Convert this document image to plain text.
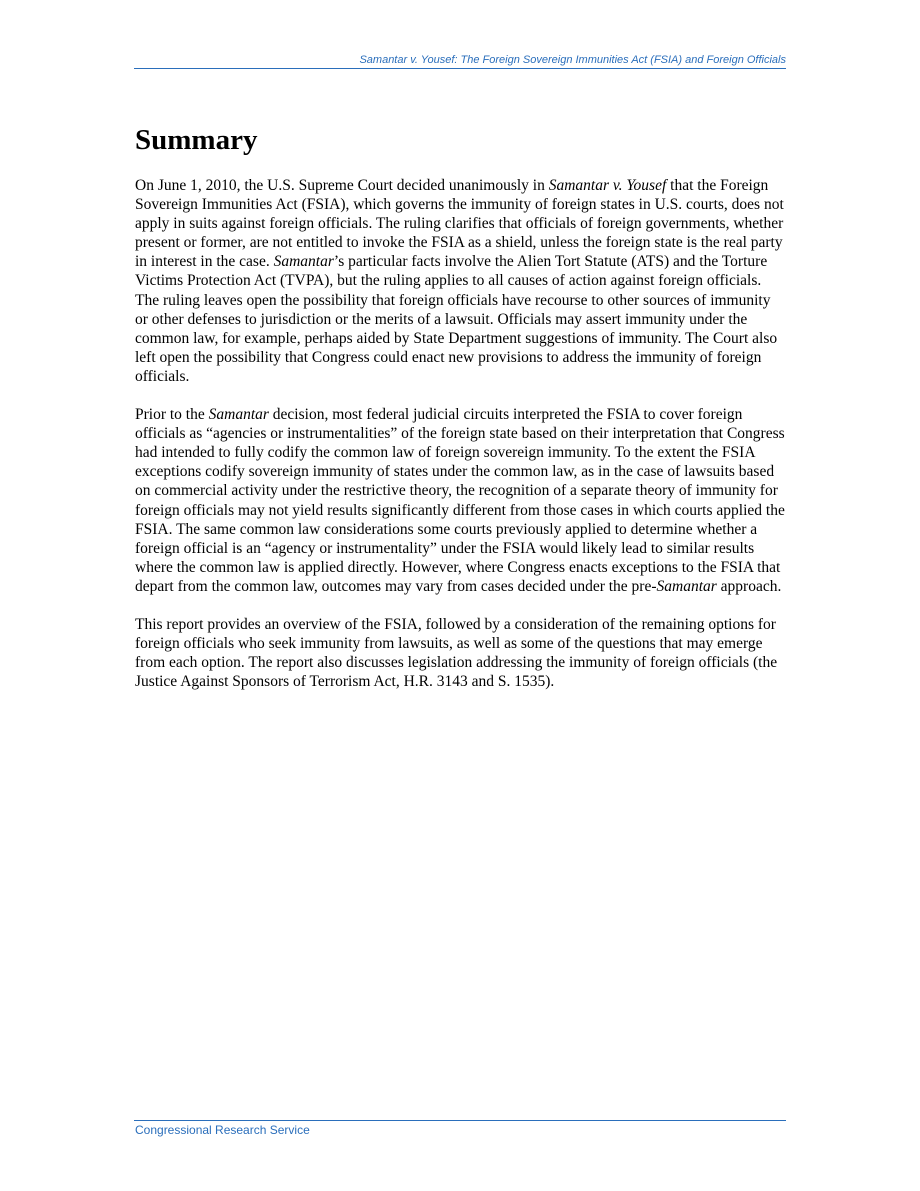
Samantar v. Yousef: The Foreign Sovereign Immunities Act (FSIA) and Foreign Officials
Summary

On June 1, 2010, the U.S. Supreme Court decided unanimously in Samantar v. Yousef that the Foreign Sovereign Immunities Act (FSIA), which governs the immunity of foreign states in U.S. courts, does not apply in suits against foreign officials. The ruling clarifies that officials of foreign governments, whether present or former, are not entitled to invoke the FSIA as a shield, unless the foreign state is the real party in interest in the case. Samantar’s particular facts involve the Alien Tort Statute (ATS) and the Torture Victims Protection Act (TVPA), but the ruling applies to all causes of action against foreign officials. The ruling leaves open the possibility that foreign officials have recourse to other sources of immunity or other defenses to jurisdiction or the merits of a lawsuit. Officials may assert immunity under the common law, for example, perhaps aided by State Department suggestions of immunity. The Court also left open the possibility that Congress could enact new provisions to address the immunity of foreign officials.

Prior to the Samantar decision, most federal judicial circuits interpreted the FSIA to cover foreign officials as “agencies or instrumentalities” of the foreign state based on their interpretation that Congress had intended to fully codify the common law of foreign sovereign immunity. To the extent the FSIA exceptions codify sovereign immunity of states under the common law, as in the case of lawsuits based on commercial activity under the restrictive theory, the recognition of a separate theory of immunity for foreign officials may not yield results significantly different from those cases in which courts applied the FSIA. The same common law considerations some courts previously applied to determine whether a foreign official is an “agency or instrumentality” under the FSIA would likely lead to similar results where the common law is applied directly. However, where Congress enacts exceptions to the FSIA that depart from the common law, outcomes may vary from cases decided under the pre-Samantar approach.

This report provides an overview of the FSIA, followed by a consideration of the remaining options for foreign officials who seek immunity from lawsuits, as well as some of the questions that may emerge from each option. The report also discusses legislation addressing the immunity of foreign officials (the Justice Against Sponsors of Terrorism Act, H.R. 3143 and S. 1535).

Congressional Research Service
